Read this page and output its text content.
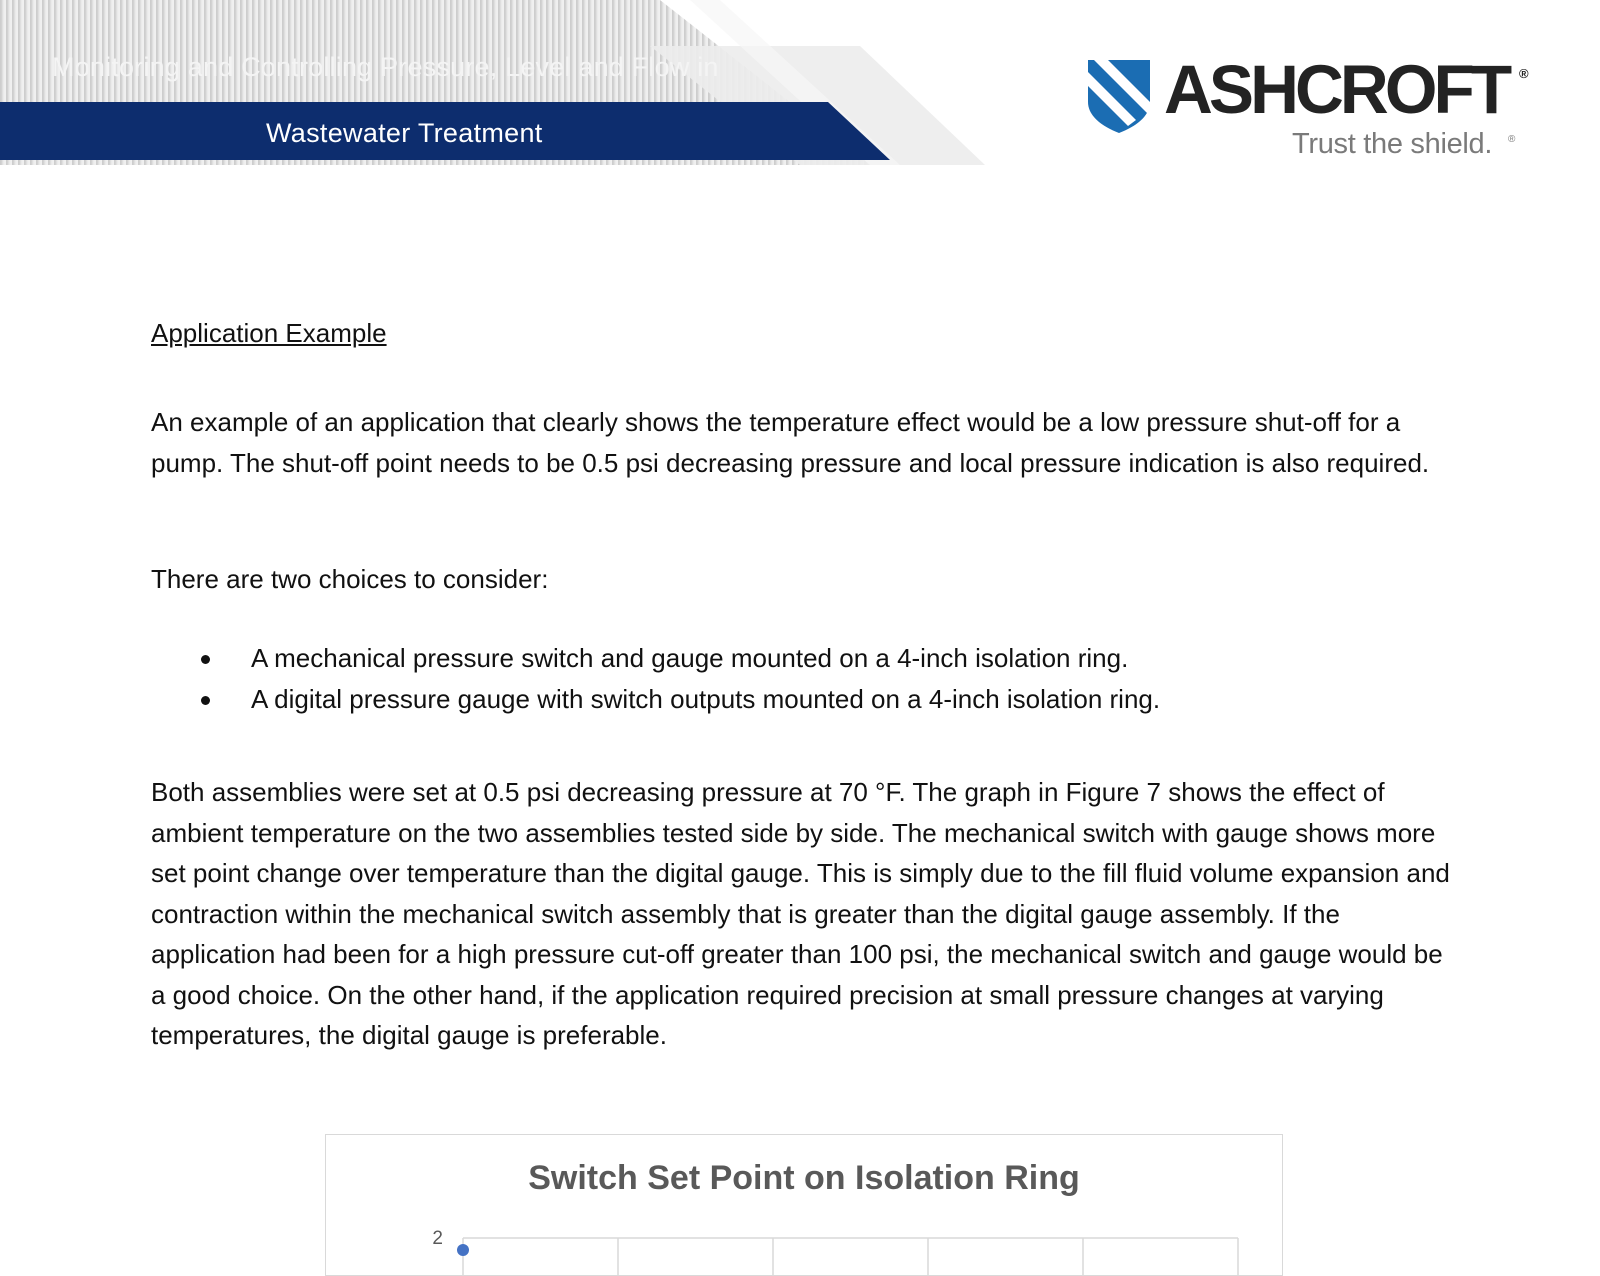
Monitoring and Controlling Pressure, Level and Flow in
Wastewater Treatment
ASHCROFT ®
Trust the shield. ®
Application Example

An example of an application that clearly shows the temperature effect would be a low pressure shut-off for a pump. The shut-off point needs to be 0.5 psi decreasing pressure and local pressure indication is also required.

There are two choices to consider:

A mechanical pressure switch and gauge mounted on a 4-inch isolation ring.
A digital pressure gauge with switch outputs mounted on a 4-inch isolation ring.

Both assemblies were set at 0.5 psi decreasing pressure at 70 °F. The graph in Figure 7 shows the effect of ambient temperature on the two assemblies tested side by side. The mechanical switch with gauge shows more set point change over temperature than the digital gauge. This is simply due to the fill fluid volume expansion and contraction within the mechanical switch assembly that is greater than the digital gauge assembly. If the application had been for a high pressure cut-off greater than 100 psi, the mechanical switch and gauge would be a good choice. On the other hand, if the application required precision at small pressure changes at varying temperatures, the digital gauge is preferable.

Switch Set Point on Isolation Ring
2
